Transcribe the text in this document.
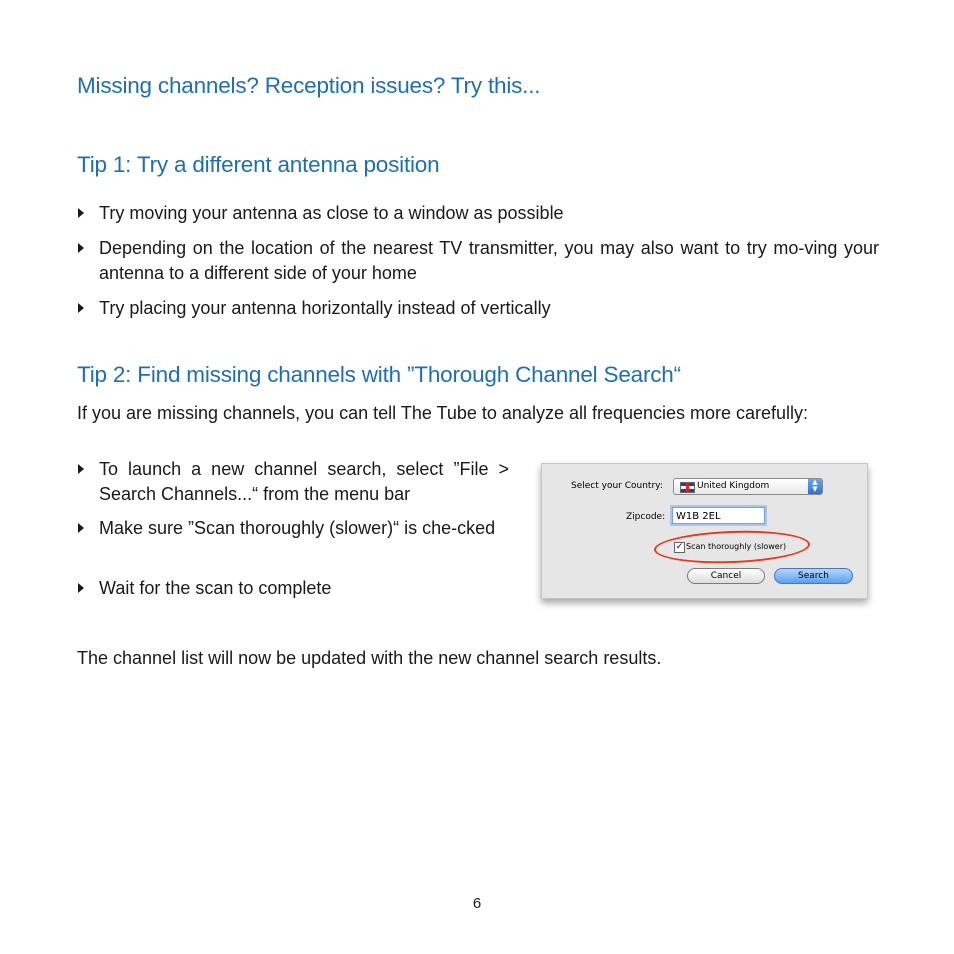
Missing channels? Reception issues? Try this...
Tip 1: Try a different antenna position
Try moving your antenna as close to a window as possible
Depending on the location of the nearest TV transmitter, you may also want to try mo-ving your antenna to a different side of your home
Try placing your antenna horizontally instead of vertically
Tip 2: Find missing channels with ”Thorough Channel Search“
If you are missing channels, you can tell The Tube to analyze all frequencies more carefully:
To launch a new channel search, select ”File > Search Channels...“ from the menu bar
Make sure ”Scan thoroughly (slower)“ is che-cked
Wait for the scan to complete
Select your Country:	United Kingdom	▲
▼
Zipcode:	W1B 2EL
✓ Scan thoroughly (slower)
Cancel	Search
The channel list will now be updated with the new channel search results.
6
